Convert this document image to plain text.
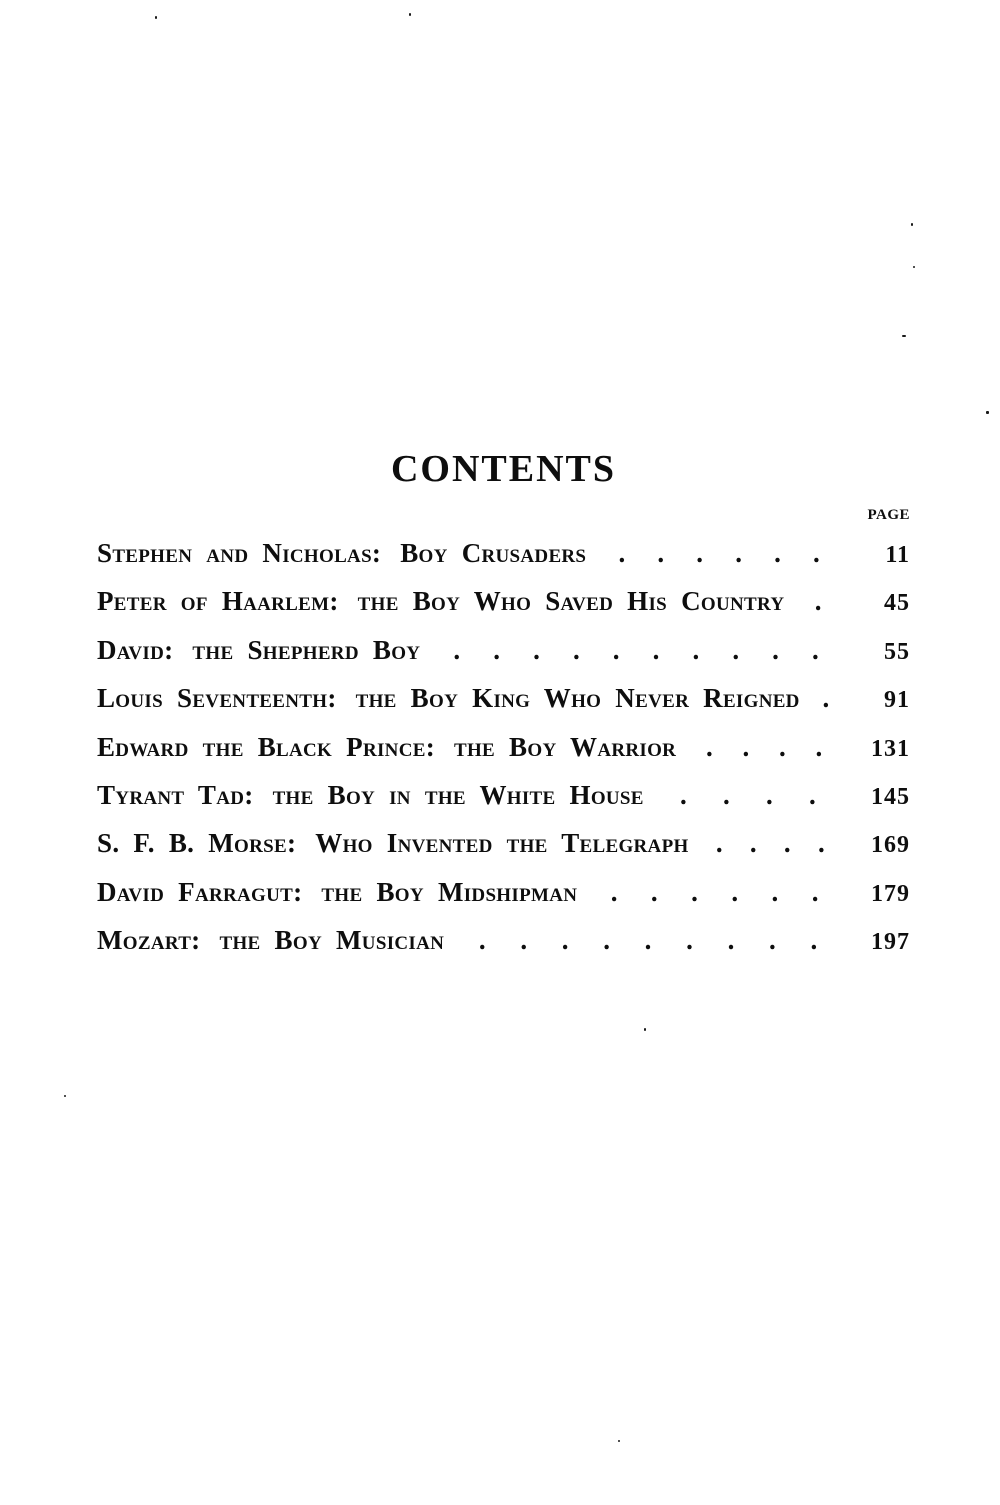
CONTENTS
PAGE
Stephen and Nicholas: Boy Crusaders . . . . . .	11
Peter of Haarlem: the Boy Who Saved His Country .	45
David: the Shepherd Boy . . . . . . . . . .	55
Louis Seventeenth: the Boy King Who Never Reigned .	91
Edward the Black Prince: the Boy Warrior . . . . 131
Tyrant Tad: the Boy in the White House . . . . 145
S. F. B. Morse: Who Invented the Telegraph . . . . 169
David Farragut: the Boy Midshipman . . . . . . 179
Mozart: the Boy Musician . . . . . . . . . 197
